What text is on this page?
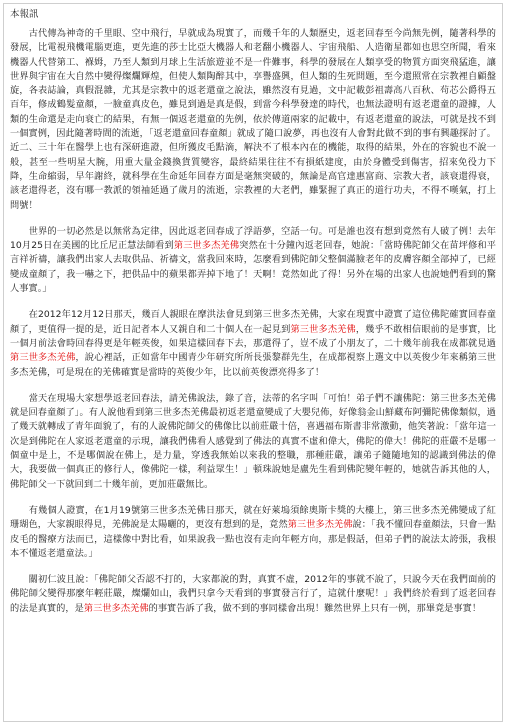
本報訊

　　古代傳為神奇的千里眼、空中飛行，早就成為現實了，而幾千年的人類歷史，返老回春至今尚無先例，隨著科學的發展，比電視飛機電腦更進，更先進的莎士比亞大機器人和老翻小機器人、宇宙飛船、人造衛星都如也思空所聞，看來機器人代替第工、褓姆，乃至人類到月球上生活旅遊並不是一件難事，科學的發展在人類享受的物質方面突飛猛進，讓世界與宇宙在大自然中變得燦爛輝煌，但使人類陶醉其中，享譽盛興，但人類的生死問題，至今還照常在宗教裡自顧盤旋，各表誌論，真假混雜，尤其是宗教中的返老還童之說法，雖然沒有見過，文中記載彭祖壽高八百秋、茍芯公爵得五百年，修成鶴髮童顏，一臉童真皮色，雖見到過是真是假，到當今科學發達的時代，也無法證明有返老還童的證據，人類的生命還是走向衰亡的結果，有無一個返老還童的先例，依於傳道兩家的記載中，有返老還童的說法，可就是找不到一個實例，因此隨著時間的流逝，「返老還童回春童顏」就成了隨口說夢，再也沒有人會對此做不到的事有興趣探討了。近二、三十年在醫學上也有深研進證，但所獲皮毛點滴，解決不了根本內在的機能，取得的結果，外在的容貌也不說一般，甚至一些明星大腕，用重大量金錢換貨質變容，最終結果往往不有損紙建度，由於身體受到傷害，招來免役力下降，生命縮弱，早年謝終，就科學在生命延年回春方面是毫無突破的，無論是高官達惠富商、宗教大者，該衰還得衰，該老還得老，沒有哪一教派的領袖延過了歲月的流逝，宗教裡的大老們，雖緊握了真正的道行功夫，不得不嘆氣，打上問號！

　　世界的一切必然是以無常為定律，因此返老回春成了浮語夢，空話一句。可是誰也沒有想到竟然有人破了例！去年10月25日在美國的比丘尼正慧法師看到第三世多杰羌佛突然在十分鐘內返老回春，她說：「當時佛陀師父在苗坪修和平言祥祈禱，讓我們出家人去取供品、祈禱文，當我回來時，怎麼看到佛陀師父整個滿臉老年的皮膚容顏全部掉了，已經變成童顏了，我一嚇之下，把供品中的蘋果都弄掉下地了！天啊！竟然如此了得！另外在場的出家人也說她們看到的驚人事實。」

　　在2012年12月12日那天，幾百人親眼在摩洪法會見到第三世多杰羌佛，大家在現實中證實了這位佛陀確實回春童顏了，更值得一提的是，近日記者本人又親自和二十個人在一起見到第三世多杰羌佛，幾乎不敢相信眼前的是事實，比一個月前法會時回春得更是年輕英俊，如果這樣回春下去，那還得了，豈不成了小朋友了，二十幾年前我在成都就見過第三世多杰羌佛，說心裡話，正如當年中國青少年研究所所長張黎群先生，在成都視察上選文中以英俊少年來稱第三世多杰羌佛，可是現在的羌佛確實是當時的英俊少年，比以前英俊漂亮得多了！

　　當天在現場大家想學返老回春法，請羌佛說法，錄了音，法蒂的名字叫「可怕！弟子們不讓佛陀：第三世多杰羌佛就是回春童顏了」。有人說他看到第三世多杰羌佛最初返老還童變成了大嬰兒佈，好像翁金山鮮藏布阿彌陀佛像類似，過了幾天就轉成了青年面貌了，有的人說佛陀師父的佛像比以前莊嚴十倍，喜遇福布斯書非常激動，他笑著說：「當年這一次是到佛陀在人家返老還童的示現，讓我們佛看人感覺到了佛法的真實不虛和偉大，佛陀的偉大！佛陀的莊嚴不是哪一個童中是上，不是哪個說在佛上，是力量，穿透我無始以來我的整職，那種莊嚴，讓弟子隨隨地知的認識到佛法的偉大，我要做一個真正的修行人，像佛陀一樣，利益眾生！」頓珠說她是盧先生看到佛陀變年輕的，她就告訴其他的人，佛陀師父一下就回到二十幾年前，更加莊嚴無比。

　　有幾個人證實，在1月19號第三世多杰羌佛日那天，就在好萊塢須餘奧斯卡獎的大樓上，第三世多杰羌佛變成了紅珊瑚色，大家親眼得見，羌佛說是太陽曬的，更沒有想到的是，竟然第三世多杰羌佛說：「我不懂回春童顏法，只會一點皮毛的醫療方法而已，這樣像中對比看，如果說我一點也沒有走向年輕方向，那是假話，但弟子們的說法太誇張，我根本不懂返老還童法。」

　　關初仁波且說：「佛陀師父否認不打的，大家都說的對，真實不虛，2012年的事就不說了，只說今天在我們面前的佛陀師父變得那麼年輕莊嚴，燦爛如山，我們只拿今天看到的事實發言行了，這就什麼呢！」我們終於看到了返老回春的法是真實的，是第三世多杰羌佛的事實告訴了我，做不到的事同樣會出現！難然世界上只有一例，那畢竟是事實！
